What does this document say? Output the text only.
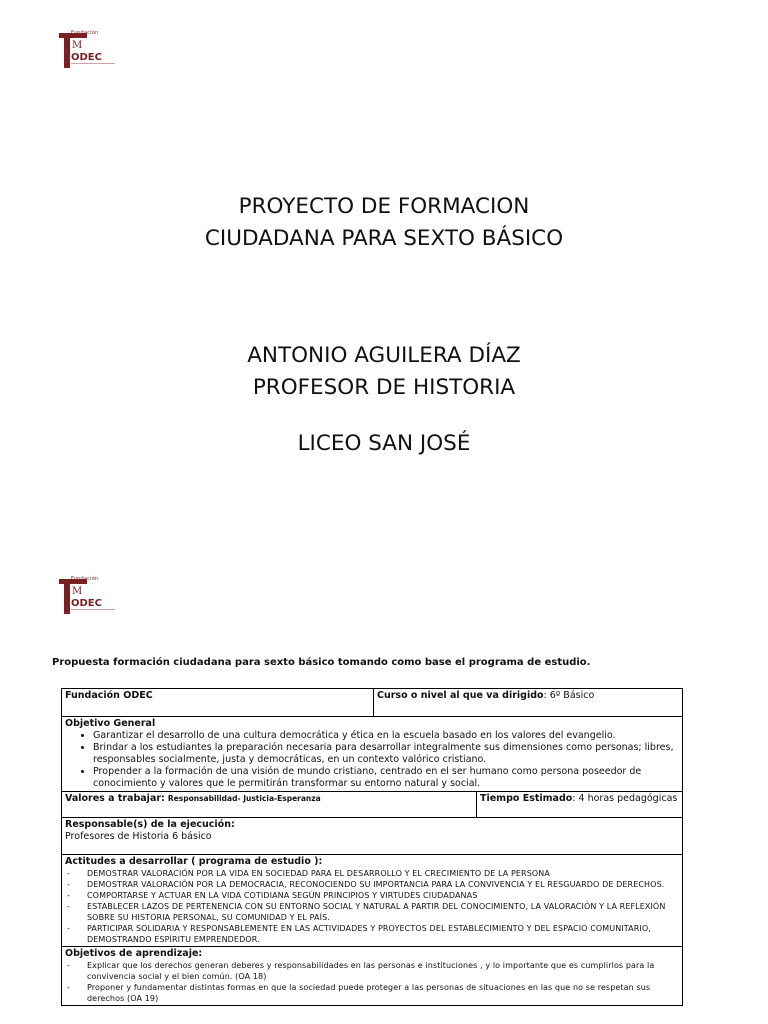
Fundación
M
ODEC
PROYECTO DE FORMACION
CIUDADANA PARA SEXTO BÁSICO
ANTONIO AGUILERA DÍAZ
PROFESOR DE HISTORIA
LICEO SAN JOSÉ
Fundación
M
ODEC
Propuesta formación ciudadana para sexto básico tomando como base el programa de estudio.
Fundación ODEC	Curso o nivel al que va dirigido: 6º Básico
Objetivo General
• Garantizar el desarrollo de una cultura democrática y ética en la escuela basado en los valores del evangelio.
• Brindar a los estudiantes la preparación necesaria para desarrollar integralmente sus dimensiones como personas; libres, responsables socialmente, justa y democráticas, en un contexto valórico cristiano.
• Propender a la formación de una visión de mundo cristiano, centrado en el ser humano como persona poseedor de conocimiento y valores que le permitirán transformar su entorno natural y social.
Valores a trabajar: Responsabilidad- Justicia-Esperanza	Tiempo Estimado: 4 horas pedagógicas
Responsable(s) de la ejecución:
Profesores de Historia 6 básico
Actitudes a desarrollar ( programa de estudio ):
- DEMOSTRAR VALORACIÓN POR LA VIDA EN SOCIEDAD PARA EL DESARROLLO Y EL CRECIMIENTO DE LA PERSONA
- DEMOSTRAR VALORACIÓN POR LA DEMOCRACIA, RECONOCIENDO SU IMPORTANCIA PARA LA CONVIVENCIA Y EL RESGUARDO DE DERECHOS.
- COMPORTARSE Y ACTUAR EN LA VIDA COTIDIANA SEGÚN PRINCIPIOS Y VIRTUDES CIUDADANAS
- ESTABLECER LAZOS DE PERTENENCIA CON SU ENTORNO SOCIAL Y NATURAL A PARTIR DEL CONOCIMIENTO, LA VALORACIÓN Y LA REFLEXIÓN SOBRE SU HISTORIA PERSONAL, SU COMUNIDAD Y EL PAÍS.
- PARTICIPAR SOLIDARIA Y RESPONSABLEMENTE EN LAS ACTIVIDADES Y PROYECTOS DEL ESTABLECIMIENTO Y DEL ESPACIO COMUNITARIO, DEMOSTRANDO ESPÍRITU EMPRENDEDOR.
Objetivos de aprendizaje:
- Explicar que los derechos generan deberes y responsabilidades en las personas e instituciones , y lo importante que es cumplirlos para la convivencia social y el bien común. (OA 18)
- Proponer y fundamentar distintas formas en que la sociedad puede proteger a las personas de situaciones en las que no se respetan sus derechos (OA 19)
